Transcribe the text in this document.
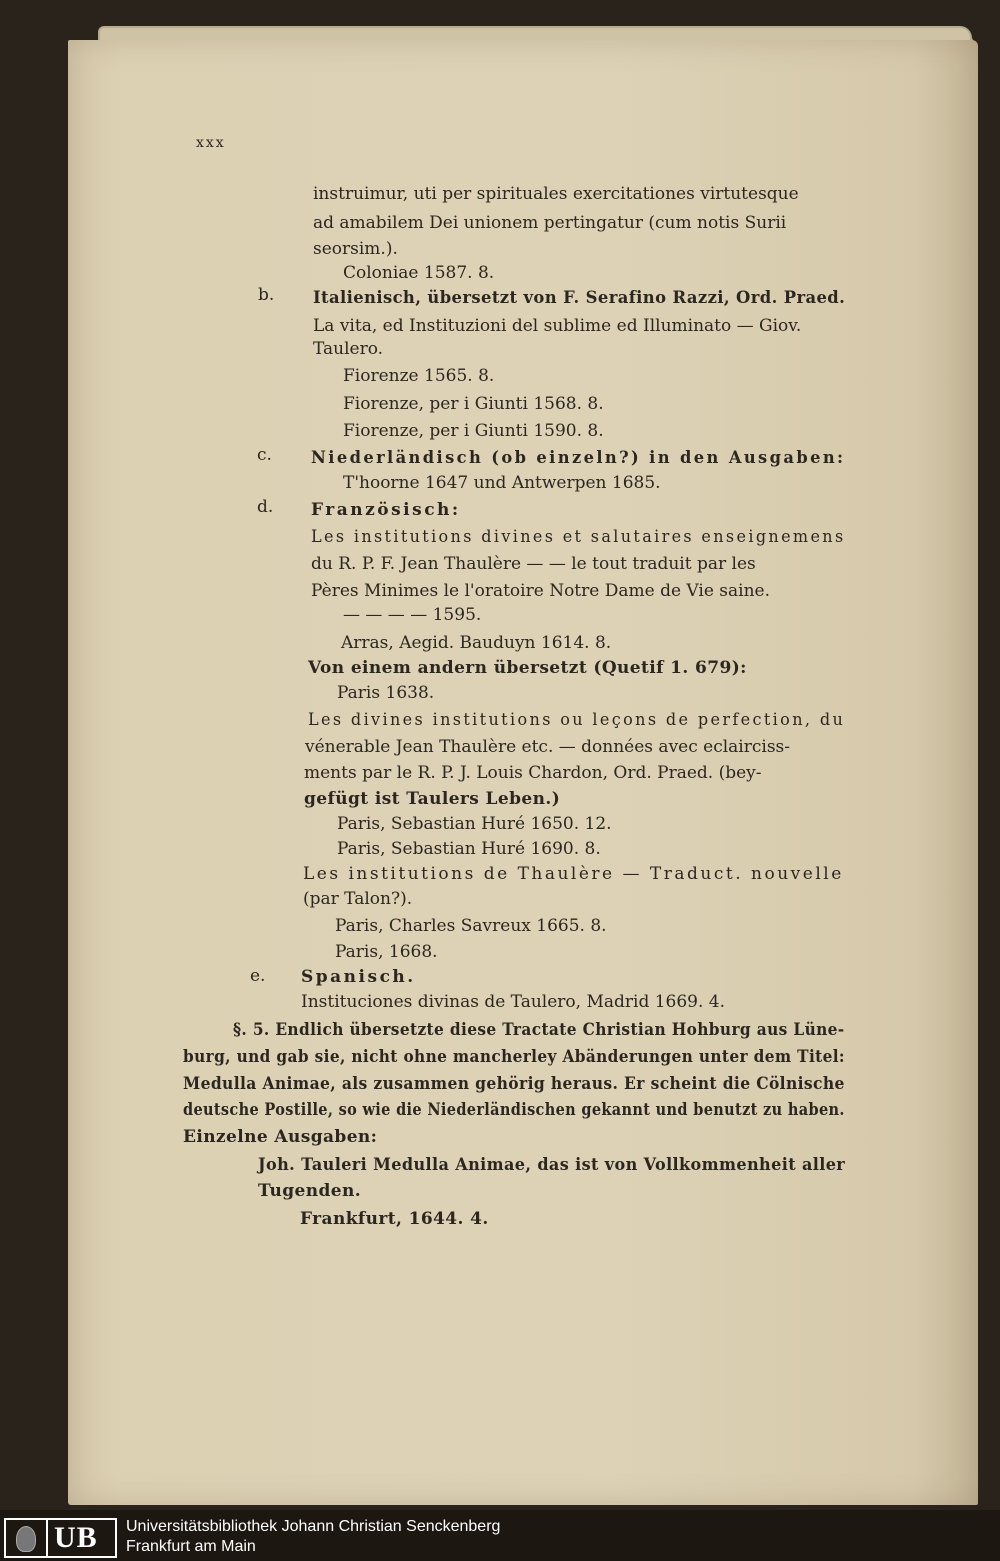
xxx
instruimur, uti per spirituales exercitationes virtutesque
ad amabilem Dei unionem pertingatur (cum notis Surii
seorsim.).
Coloniae 1587. 8.
b. Italienisch, übersetzt von F. Serafino Razzi, Ord. Praed.
La vita, ed Instituzioni del sublime ed Illuminato — Giov.
Taulero.
Fiorenze 1565. 8.
Fiorenze, per i Giunti 1568. 8.
Fiorenze, per i Giunti 1590. 8.
c. Niederländisch (ob einzeln?) in den Ausgaben:
T'hoorne 1647 und Antwerpen 1685.
d. Französisch:
Les institutions divines et salutaires enseignemens
du R. P. F. Jean Thaulère — — le tout traduit par les
Pères Minimes le l'oratoire Notre Dame de Vie saine.
— — — — 1595.
Arras, Aegid. Bauduyn 1614. 8.
Von einem andern übersetzt (Quetif 1. 679):
Paris 1638.
Les divines institutions ou leçons de perfection, du
vénerable Jean Thaulère etc. — données avec eclairciss-
ments par le R. P. J. Louis Chardon, Ord. Praed. (bey-
gefügt ist Taulers Leben.)
Paris, Sebastian Huré 1650. 12.
Paris, Sebastian Huré 1690. 8.
Les institutions de Thaulère — Traduct. nouvelle
(par Talon?).
Paris, Charles Savreux 1665. 8.
Paris, 1668.
e. Spanisch.
Instituciones divinas de Taulero, Madrid 1669. 4.
§. 5. Endlich übersetzte diese Tractate Christian Hohburg aus Lüne-
burg, und gab sie, nicht ohne mancherley Abänderungen unter dem Titel:
Medulla Animae, als zusammen gehörig heraus. Er scheint die Cölnische
deutsche Postille, so wie die Niederländischen gekannt und benutzt zu haben.
Einzelne Ausgaben:
Joh. Tauleri Medulla Animae, das ist von Vollkommenheit aller
Tugenden.
Frankfurt, 1644. 4.
UB Universitätsbibliothek Johann Christian Senckenberg
Frankfurt am Main
